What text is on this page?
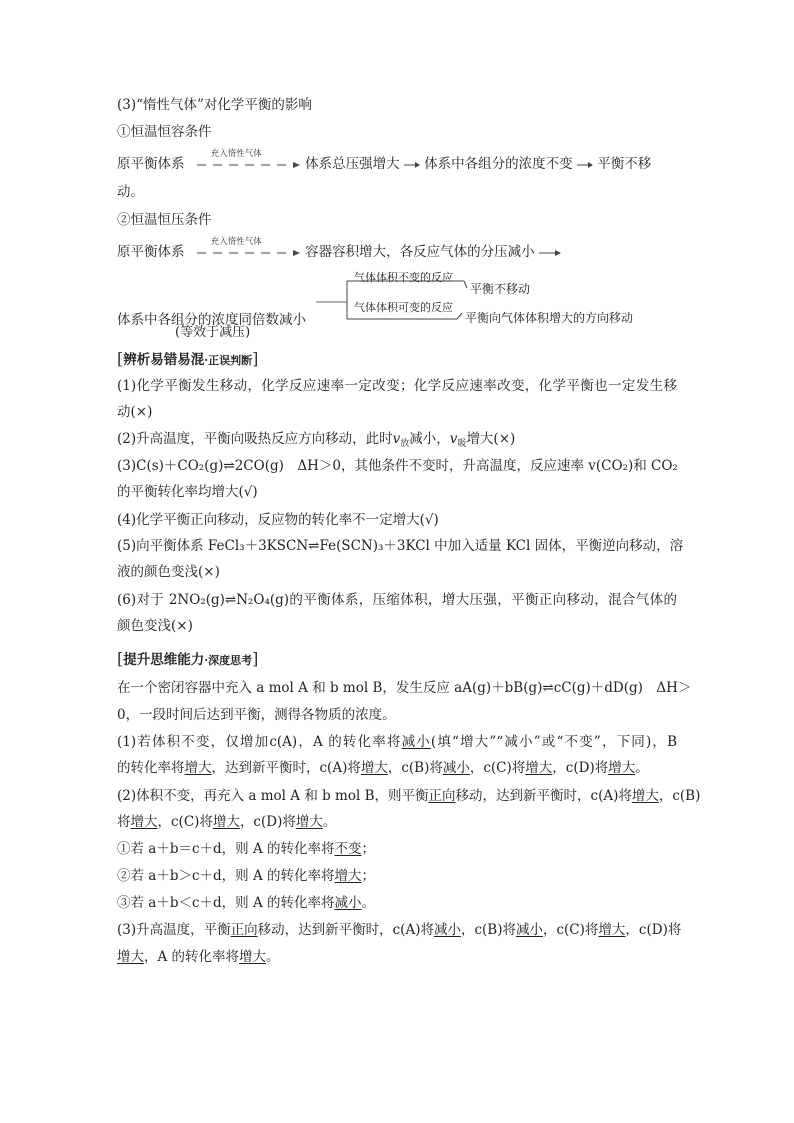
(3)“惰性气体”对化学平衡的影响
①恒温恒容条件
原平衡体系
充入惰性气体
体系总压强增大 体系中各组分的浓度不变 平衡不移
动。
②恒温恒压条件
原平衡体系
充入惰性气体
容器容积增大，各反应气体的分压减小
体系中各组分的浓度同倍数减小
(等效于减压)
气体体积不变的反应
平衡不移动
气体体积可变的反应
平衡向气体体积增大的方向移动
[辨析易错易混·正误判断]
(1)化学平衡发生移动，化学反应速率一定改变；化学反应速率改变，化学平衡也一定发生移
动(×)
(2)升高温度，平衡向吸热反应方向移动，此时$v_放$减小，$v_吸$增大(×)
(3)C(s)＋CO₂(g)⇌2CO(g)　ΔH＞0，其他条件不变时，升高温度，反应速率 v(CO₂)和 CO₂
的平衡转化率均增大(√)
(4)化学平衡正向移动，反应物的转化率不一定增大(√)
(5)向平衡体系 FeCl₃＋3KSCN⇌Fe(SCN)₃＋3KCl 中加入适量 KCl 固体，平衡逆向移动，溶
液的颜色变浅(×)
(6)对于 2NO₂(g)⇌N₂O₄(g)的平衡体系，压缩体积，增大压强，平衡正向移动，混合气体的
颜色变浅(×)
[提升思维能力·深度思考]
在一个密闭容器中充入 a mol A 和 b mol B，发生反应 aA(g)＋bB(g)⇌cC(g)＋dD(g)　ΔH＞
0，一段时间后达到平衡，测得各物质的浓度。
(1)若体积不变，仅增加c(A)，A 的转化率将减小(填“增大”“减小”或“不变”，下同)，B
的转化率将增大，达到新平衡时，c(A)将增大，c(B)将减小，c(C)将增大，c(D)将增大。
(2)体积不变，再充入 a mol A 和 b mol B，则平衡正向移动，达到新平衡时，c(A)将增大，c(B)
将增大，c(C)将增大，c(D)将增大。
①若 a＋b＝c＋d，则 A 的转化率将不变；
②若 a＋b＞c＋d，则 A 的转化率将增大；
③若 a＋b＜c＋d，则 A 的转化率将减小。
(3)升高温度，平衡正向移动，达到新平衡时，c(A)将减小，c(B)将减小，c(C)将增大，c(D)将
增大，A 的转化率将增大。
